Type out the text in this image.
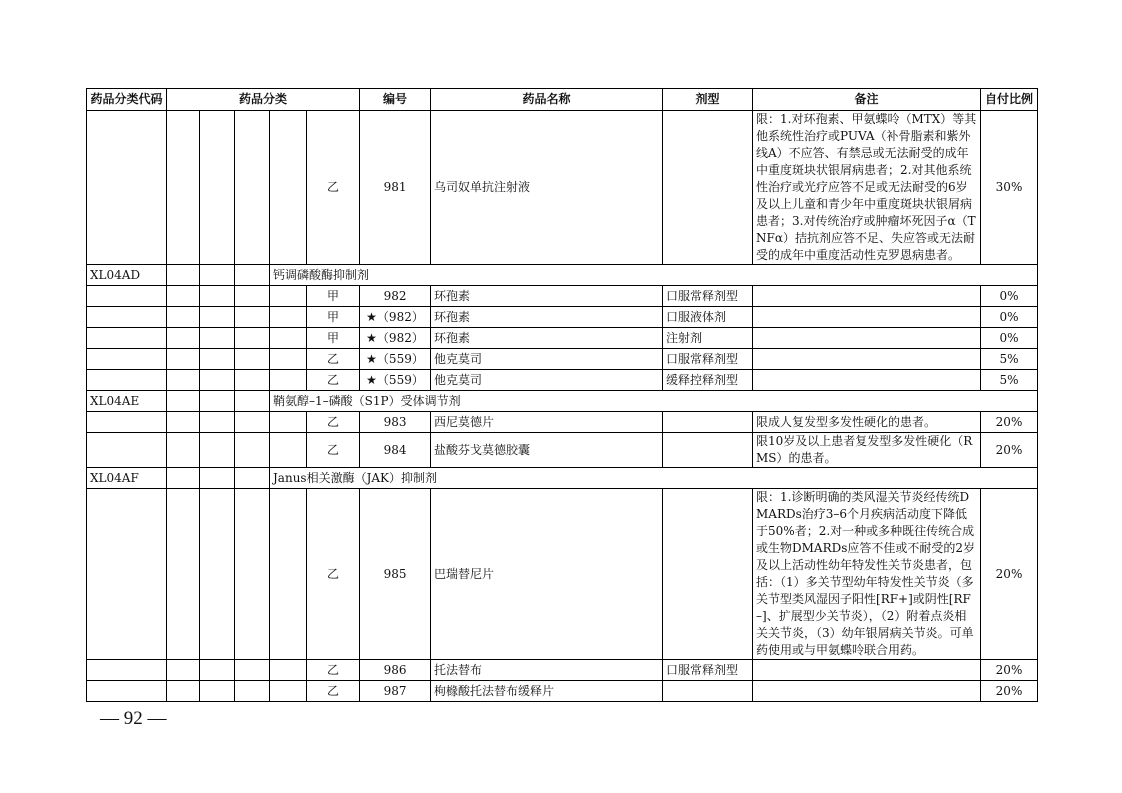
药品分类代码	药品分类					编号	药品名称	剂型	备注	自付比例
					乙	981	乌司奴单抗注射液		限：1.对环孢素、甲氨蝶呤（MTX）等其他系统性治疗或PUVA（补骨脂素和紫外线A）不应答、有禁忌或无法耐受的成年中重度斑块状银屑病患者；2.对其他系统性治疗或光疗应答不足或无法耐受的6岁及以上儿童和青少年中重度斑块状银屑病患者；3.对传统治疗或肿瘤坏死因子α（TNFα）拮抗剂应答不足、失应答或无法耐受的成年中重度活动性克罗恩病患者。	30%
XL04AD				钙调磷酸酶抑制剂						
					甲	982	环孢素	口服常释剂型		0%
					甲	★（982）	环孢素	口服液体剂		0%
					甲	★（982）	环孢素	注射剂		0%
					乙	★（559）	他克莫司	口服常释剂型		5%
					乙	★（559）	他克莫司	缓释控释剂型		5%
XL04AE				鞘氨醇–1–磷酸（S1P）受体调节剂						
					乙	983	西尼莫德片		限成人复发型多发性硬化的患者。	20%
					乙	984	盐酸芬戈莫德胶囊		限10岁及以上患者复发型多发性硬化（RMS）的患者。	20%
XL04AF				Janus相关激酶（JAK）抑制剂						
					乙	985	巴瑞替尼片		限：1.诊断明确的类风湿关节炎经传统DMARDs治疗3–6个月疾病活动度下降低于50%者；2.对一种或多种既往传统合成或生物DMARDs应答不佳或不耐受的2岁及以上活动性幼年特发性关节炎患者，包括：（1）多关节型幼年特发性关节炎（多关节型类风湿因子阳性[RF+]或阴性[RF–]、扩展型少关节炎），（2）附着点炎相关关节炎，（3）幼年银屑病关节炎。可单药使用或与甲氨蝶呤联合用药。	20%
					乙	986	托法替布	口服常释剂型		20%
					乙	987	枸橼酸托法替布缓释片			20%
— 92 —
